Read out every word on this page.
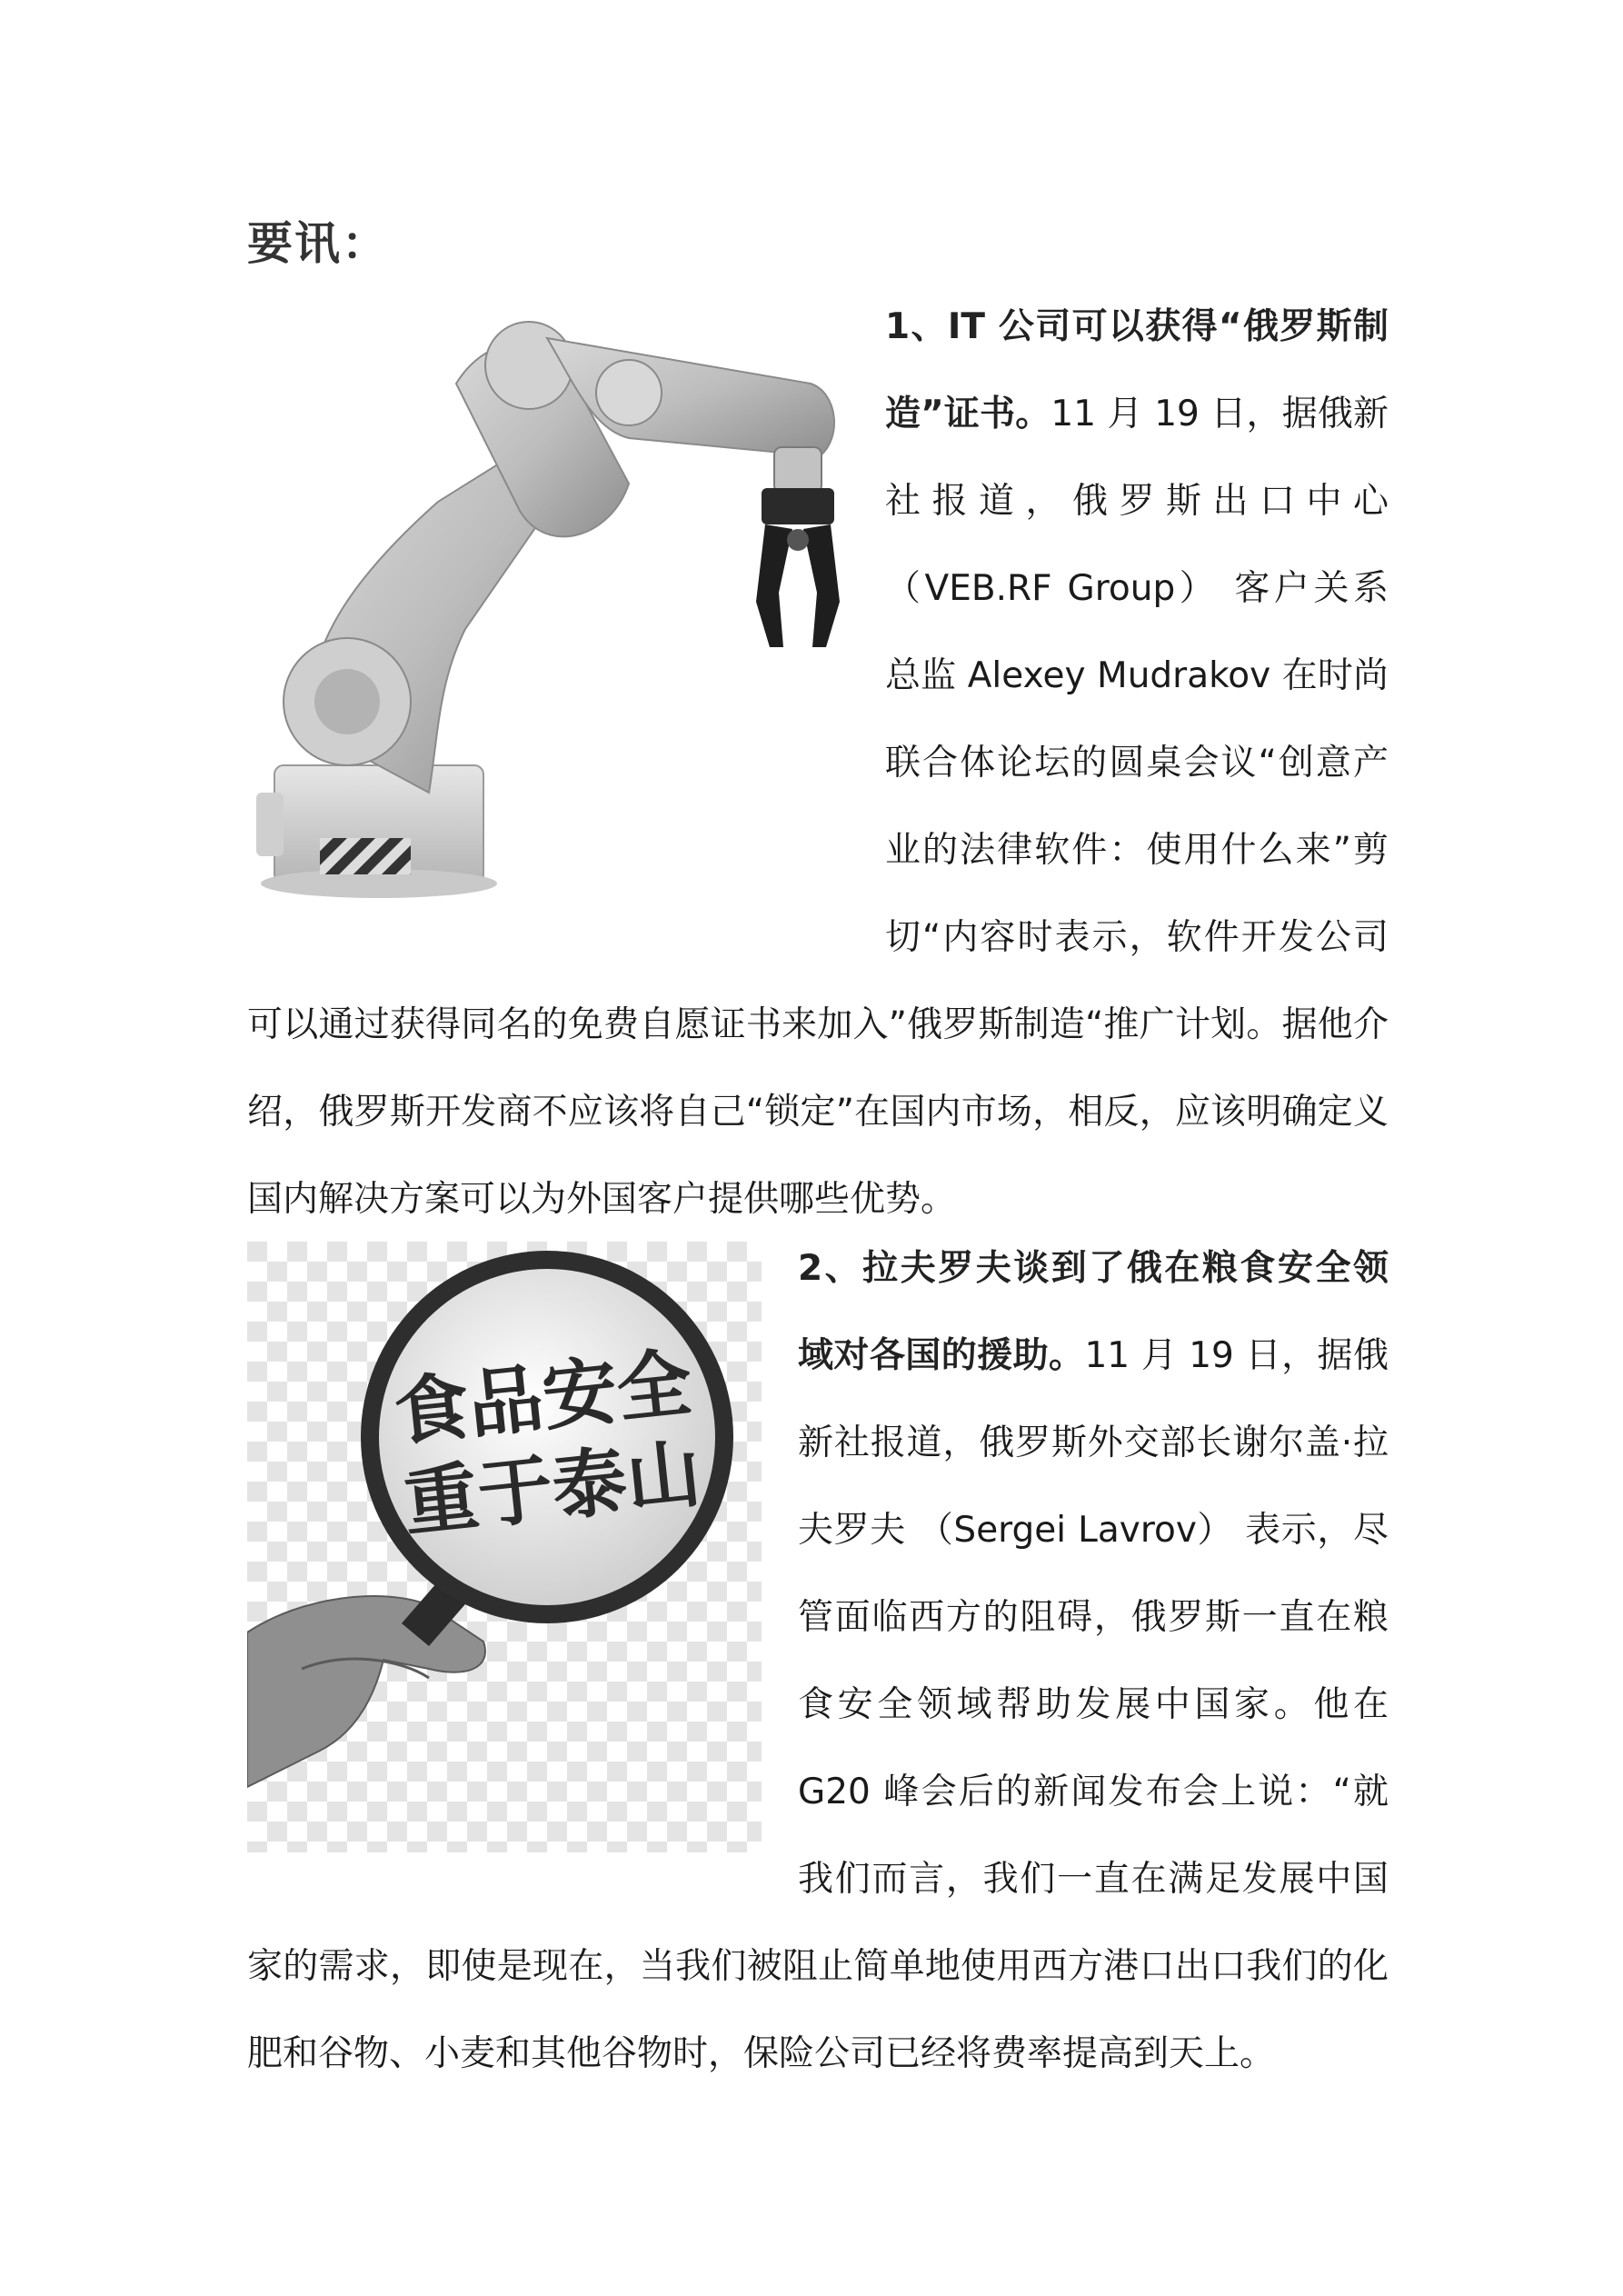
要讯：
1、IT 公司可以获得“俄罗斯制造”证书。11 月 19 日，据俄新社报道，俄罗斯出口中心（VEB.RF Group） 客户关系总监 Alexey Mudrakov 在时尚联合体论坛的圆桌会议“创意产业的法律软件：使用什么来”剪切“内容时表示，软件开发公司可以通过获得同名的免费自愿证书来加入”俄罗斯制造“推广计划。据他介绍，俄罗斯开发商不应该将自己“锁定”在国内市场，相反，应该明确定义国内解决方案可以为外国客户提供哪些优势。
食品安全
重于泰山
2、拉夫罗夫谈到了俄在粮食安全领域对各国的援助。11 月 19 日，据俄新社报道，俄罗斯外交部长谢尔盖·拉夫罗夫 （Sergei Lavrov） 表示，尽管面临西方的阻碍，俄罗斯一直在粮食安全领域帮助发展中国家。他在 G20 峰会后的新闻发布会上说：“就我们而言，我们一直在满足发展中国家的需求，即使是现在，当我们被阻止简单地使用西方港口出口我们的化肥和谷物、小麦和其他谷物时，保险公司已经将费率提高到天上。
